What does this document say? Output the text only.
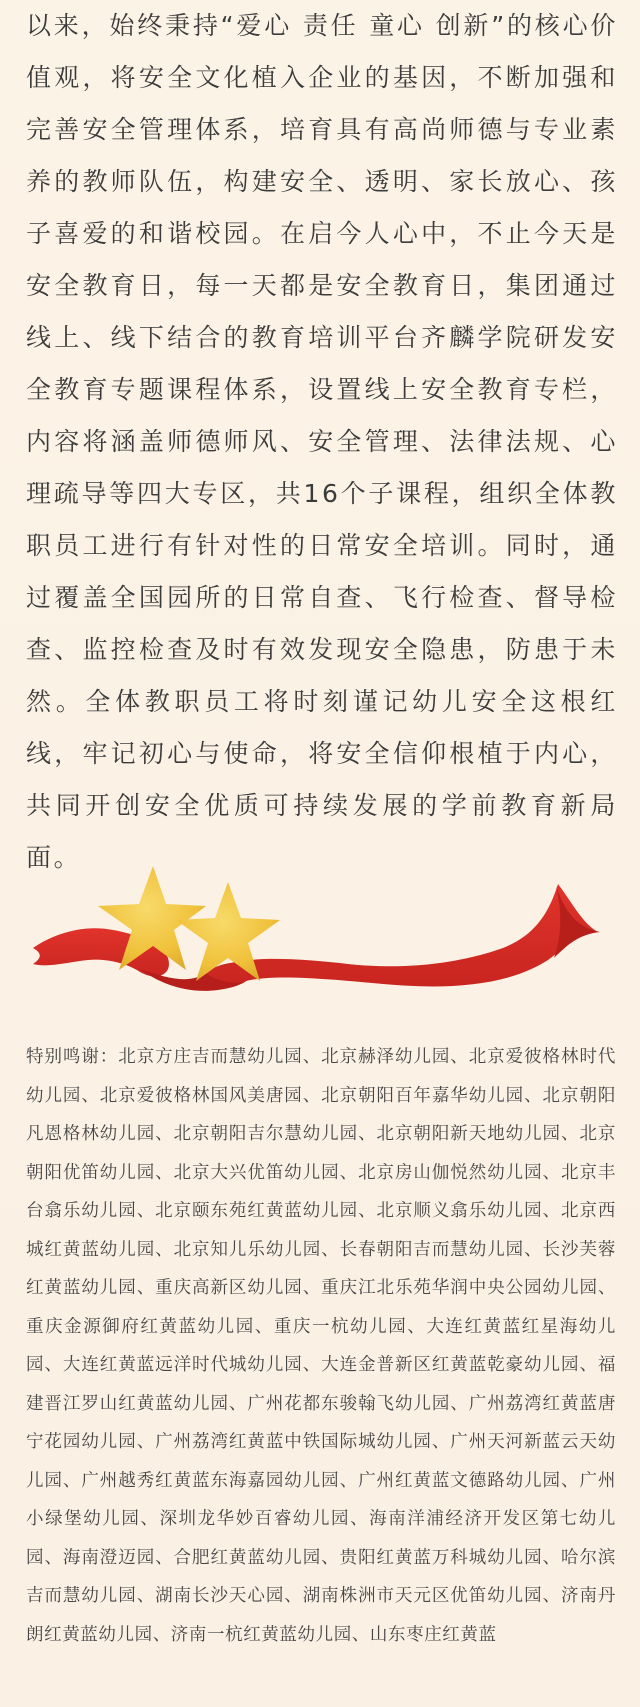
以来，始终秉持“爱心 责任 童心 创新”的核心价值观，将安全文化植入企业的基因，不断加强和完善安全管理体系，培育具有高尚师德与专业素养的教师队伍，构建安全、透明、家长放心、孩子喜爱的和谐校园。在启今人心中，不止今天是安全教育日，每一天都是安全教育日，集团通过线上、线下结合的教育培训平台齐麟学院研发安全教育专题课程体系，设置线上安全教育专栏，内容将涵盖师德师风、安全管理、法律法规、心理疏导等四大专区，共16个子课程，组织全体教职员工进行有针对性的日常安全培训。同时，通过覆盖全国园所的日常自查、飞行检查、督导检查、监控检查及时有效发现安全隐患，防患于未然。全体教职员工将时刻谨记幼儿安全这根红线，牢记初心与使命，将安全信仰根植于内心，共同开创安全优质可持续发展的学前教育新局面。

特别鸣谢：北京方庄吉而慧幼儿园、北京赫泽幼儿园、北京爱彼格林时代幼儿园、北京爱彼格林国风美唐园、北京朝阳百年嘉华幼儿园、北京朝阳凡恩格林幼儿园、北京朝阳吉尔慧幼儿园、北京朝阳新天地幼儿园、北京朝阳优笛幼儿园、北京大兴优笛幼儿园、北京房山伽悦然幼儿园、北京丰台翕乐幼儿园、北京颐东苑红黄蓝幼儿园、北京顺义翕乐幼儿园、北京西城红黄蓝幼儿园、北京知儿乐幼儿园、长春朝阳吉而慧幼儿园、长沙芙蓉红黄蓝幼儿园、重庆高新区幼儿园、重庆江北乐苑华润中央公园幼儿园、重庆金源御府红黄蓝幼儿园、重庆一杭幼儿园、大连红黄蓝红星海幼儿园、大连红黄蓝远洋时代城幼儿园、大连金普新区红黄蓝乾豪幼儿园、福建晋江罗山红黄蓝幼儿园、广州花都东骏翰飞幼儿园、广州荔湾红黄蓝唐宁花园幼儿园、广州荔湾红黄蓝中铁国际城幼儿园、广州天河新蓝云天幼儿园、广州越秀红黄蓝东海嘉园幼儿园、广州红黄蓝文德路幼儿园、广州小绿堡幼儿园、深圳龙华妙百睿幼儿园、海南洋浦经济开发区第七幼儿园、海南澄迈园、合肥红黄蓝幼儿园、贵阳红黄蓝万科城幼儿园、哈尔滨吉而慧幼儿园、湖南长沙天心园、湖南株洲市天元区优笛幼儿园、济南丹朗红黄蓝幼儿园、济南一杭红黄蓝幼儿园、山东枣庄红黄蓝
